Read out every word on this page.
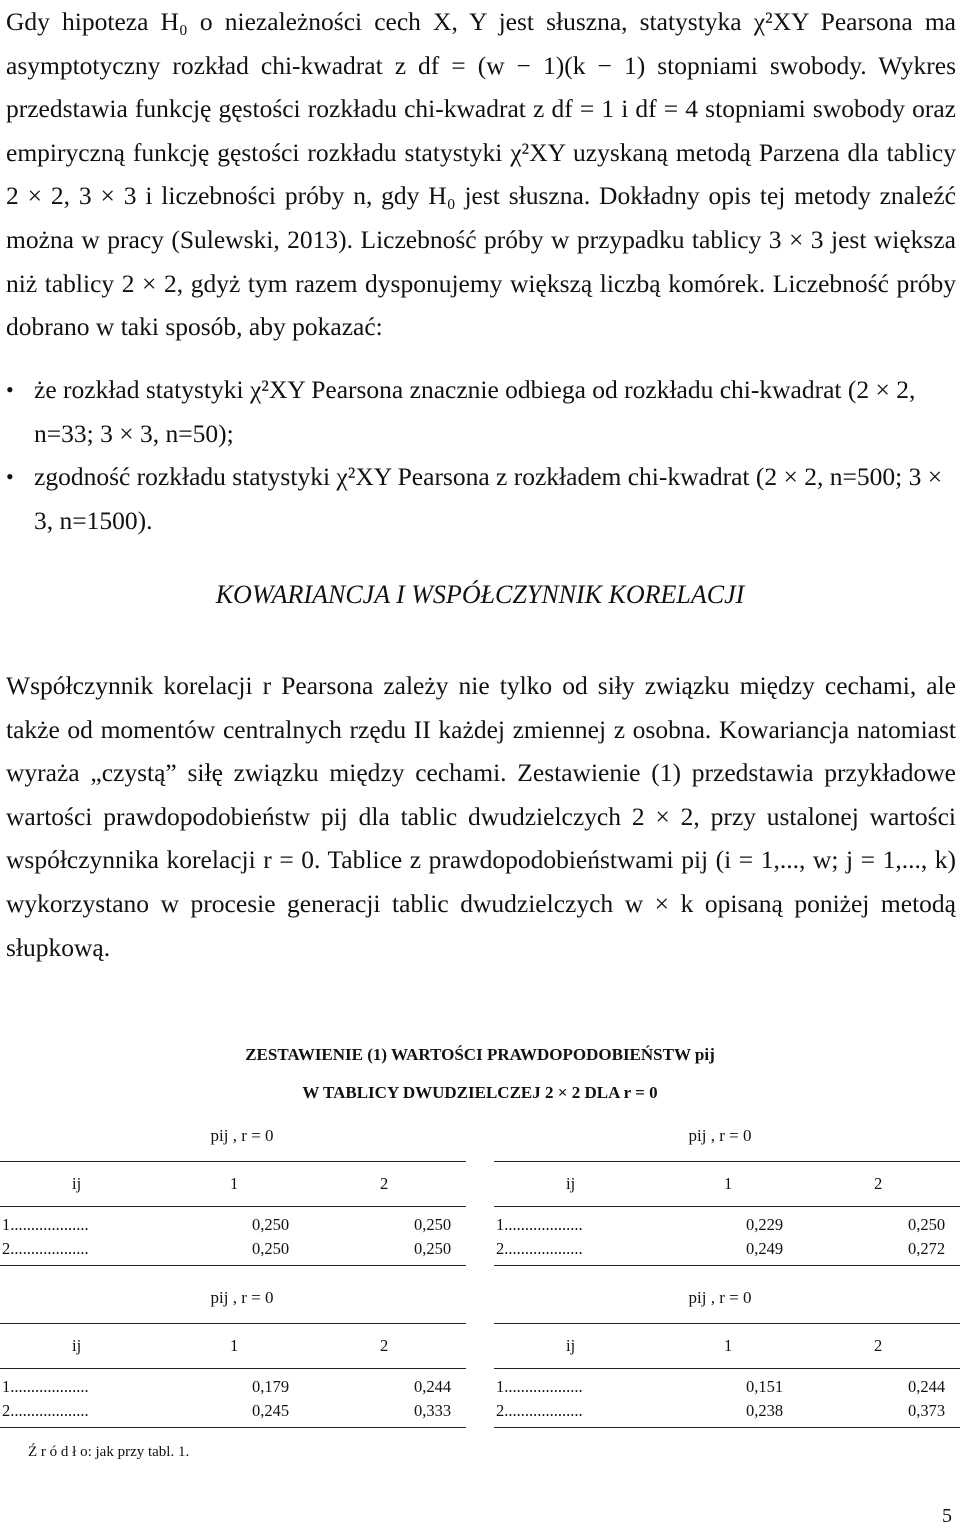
Gdy hipoteza H₀ o niezależności cech X, Y jest słuszna, statystyka χ²XY Pearsona ma asymptotyczny rozkład chi-kwadrat z df = (w − 1)(k − 1) stopniami swobody. Wykres przedstawia funkcję gęstości rozkładu chi-kwadrat z df = 1 i df = 4 stopniami swobody oraz empiryczną funkcję gęstości rozkładu statystyki χ²XY uzyskaną metodą Parzena dla tablicy 2 × 2, 3 × 3 i liczebności próby n, gdy H₀ jest słuszna. Dokładny opis tej metody znaleźć można w pracy (Sulewski, 2013). Liczebność próby w przypadku tablicy 3 × 3 jest większa niż tablicy 2 × 2, gdyż tym razem dysponujemy większą liczbą komórek. Liczebność próby dobrano w taki sposób, aby pokazać:

• że rozkład statystyki χ²XY Pearsona znacznie odbiega od rozkładu chi-kwadrat (2 × 2, n=33; 3 × 3, n=50);
• zgodność rozkładu statystyki χ²XY Pearsona z rozkładem chi-kwadrat (2 × 2, n=500; 3 × 3, n=1500).
KOWARIANCJA I WSPÓŁCZYNNIK KORELACJI

Współczynnik korelacji r Pearsona zależy nie tylko od siły związku między cechami, ale także od momentów centralnych rzędu II każdej zmiennej z osobna. Kowariancja natomiast wyraża „czystą” siłę związku między cechami. Zestawienie (1) przedstawia przykładowe wartości prawdopodobieństw pij dla tablic dwudzielczych 2 × 2, przy ustalonej wartości współczynnika korelacji r = 0. Tablice z prawdopodobieństwami pij (i = 1,..., w; j = 1,..., k) wykorzystano w procesie generacji tablic dwudzielczych w × k opisaną poniżej metodą słupkową.

ZESTAWIENIE (1) WARTOŚCI PRAWDOPODOBIEŃSTW pij
W TABLICY DWUDZIELCZEJ 2 × 2 DLA r = 0
pij , r = 0
ij	1	2
1...................	0,250	0,250
2...................	0,250	0,250
pij , r = 0
ij	1	2
1...................	0,229	0,250
2...................	0,249	0,272
pij , r = 0
ij	1	2
1...................	0,179	0,244
2...................	0,245	0,333
pij , r = 0
ij	1	2
1...................	0,151	0,244
2...................	0,238	0,373
Ź r ó d ł o: jak przy tabl. 1.
5
